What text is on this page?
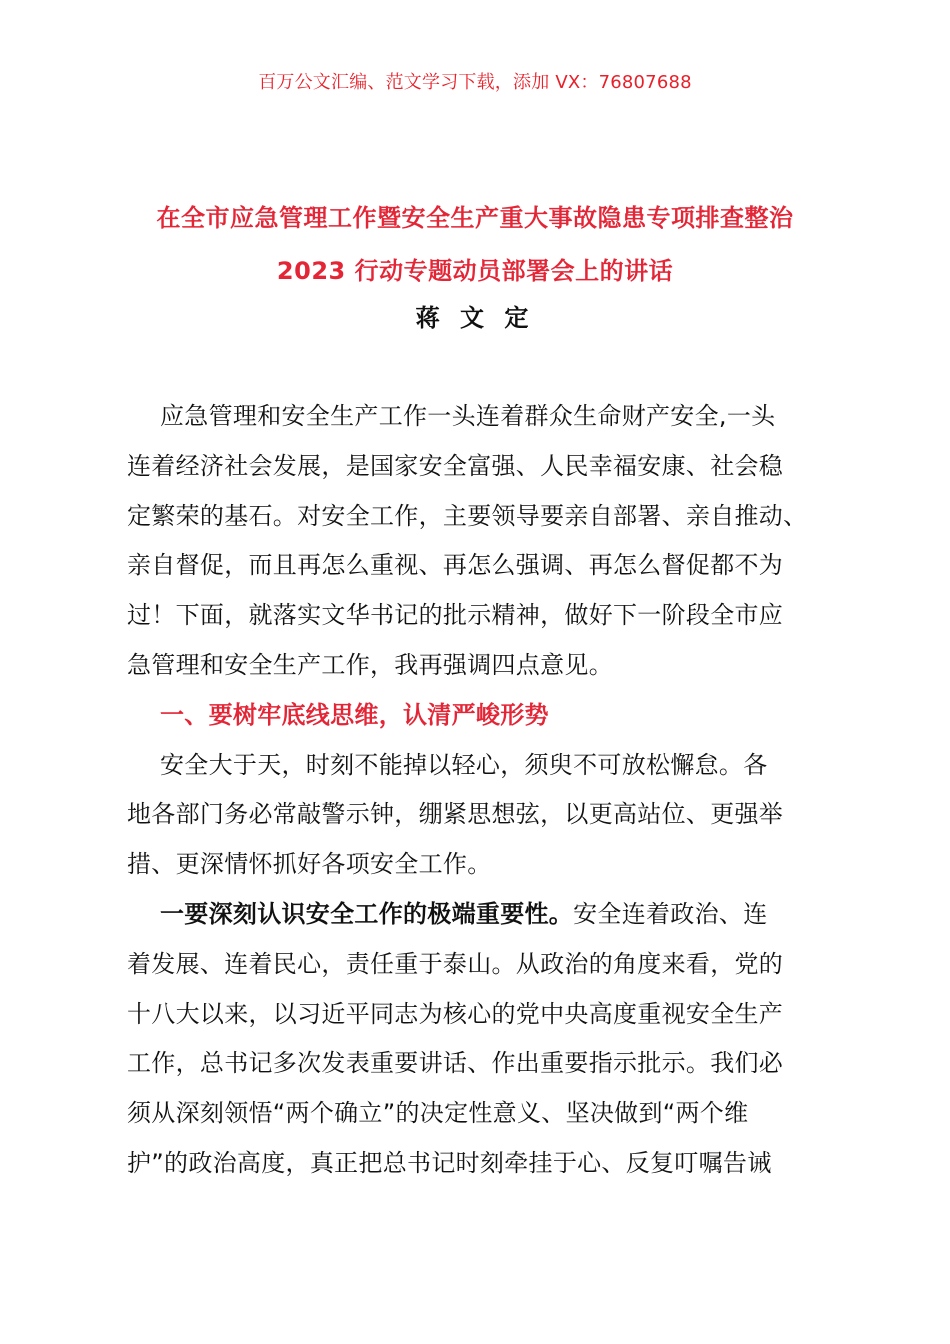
百万公文汇编、范文学习下载，添加 VX：76807688
在全市应急管理工作暨安全生产重大事故隐患专项排查整治
2023 行动专题动员部署会上的讲话
蒋 文 定
应急管理和安全生产工作一头连着群众生命财产安全,一头
连着经济社会发展，是国家安全富强、人民幸福安康、社会稳
定繁荣的基石。对安全工作，主要领导要亲自部署、亲自推动、
亲自督促，而且再怎么重视、再怎么强调、再怎么督促都不为
过！下面，就落实文华书记的批示精神，做好下一阶段全市应
急管理和安全生产工作，我再强调四点意见。
一、要树牢底线思维，认清严峻形势
安全大于天，时刻不能掉以轻心，须臾不可放松懈怠。各
地各部门务必常敲警示钟，绷紧思想弦，以更高站位、更强举
措、更深情怀抓好各项安全工作。
一要深刻认识安全工作的极端重要性。安全连着政治、连
着发展、连着民心，责任重于泰山。从政治的角度来看，党的
十八大以来，以习近平同志为核心的党中央高度重视安全生产
工作，总书记多次发表重要讲话、作出重要指示批示。我们必
须从深刻领悟“两个确立”的决定性意义、坚决做到“两个维
护”的政治高度，真正把总书记时刻牵挂于心、反复叮嘱告诫
